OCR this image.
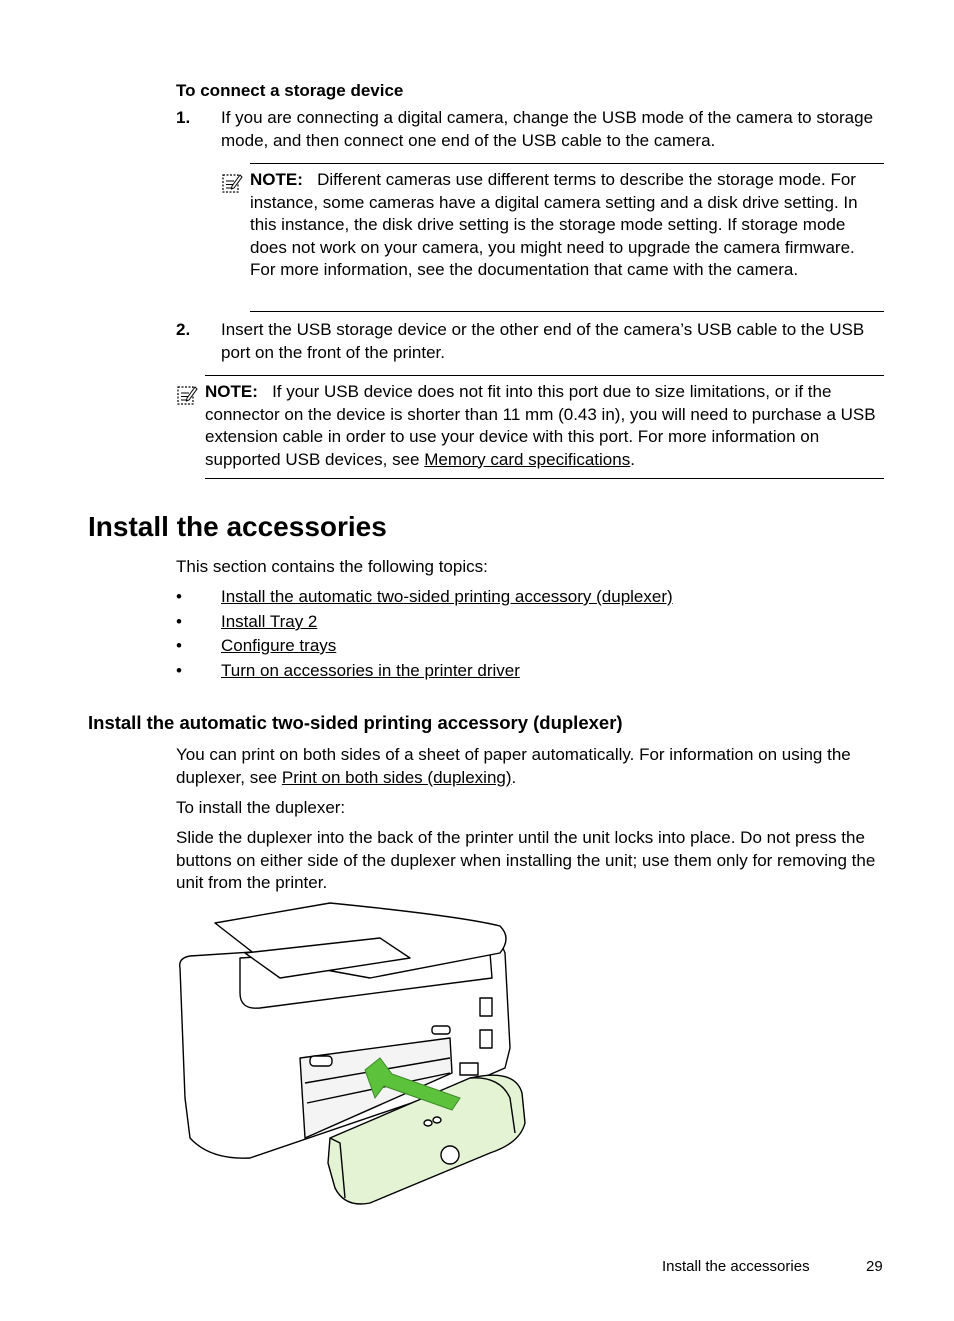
To connect a storage device
1. If you are connecting a digital camera, change the USB mode of the camera to storage mode, and then connect one end of the USB cable to the camera.
NOTE: Different cameras use different terms to describe the storage mode. For instance, some cameras have a digital camera setting and a disk drive setting. In this instance, the disk drive setting is the storage mode setting. If storage mode does not work on your camera, you might need to upgrade the camera firmware. For more information, see the documentation that came with the camera.
2. Insert the USB storage device or the other end of the camera’s USB cable to the USB port on the front of the printer.
NOTE: If your USB device does not fit into this port due to size limitations, or if the connector on the device is shorter than 11 mm (0.43 in), you will need to purchase a USB extension cable in order to use your device with this port. For more information on supported USB devices, see Memory card specifications.
Install the accessories
This section contains the following topics:
• Install the automatic two-sided printing accessory (duplexer)
• Install Tray 2
• Configure trays
• Turn on accessories in the printer driver
Install the automatic two-sided printing accessory (duplexer)
You can print on both sides of a sheet of paper automatically. For information on using the duplexer, see Print on both sides (duplexing).
To install the duplexer:
Slide the duplexer into the back of the printer until the unit locks into place. Do not press the buttons on either side of the duplexer when installing the unit; use them only for removing the unit from the printer.
Install the accessories	29
